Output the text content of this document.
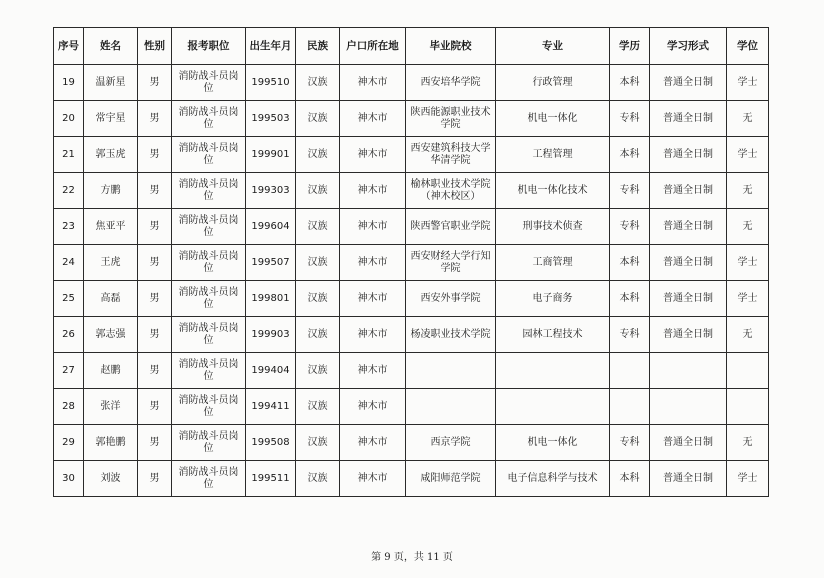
序号	姓名	性别	报考职位	出生年月	民族	户口所在地	毕业院校	专业	学历	学习形式	学位
19	温新星	男	消防战斗员岗位	199510	汉族	神木市	西安培华学院	行政管理	本科	普通全日制	学士
20	常宇星	男	消防战斗员岗位	199503	汉族	神木市	陕西能源职业技术学院	机电一体化	专科	普通全日制	无
21	郭玉虎	男	消防战斗员岗位	199901	汉族	神木市	西安建筑科技大学华清学院	工程管理	本科	普通全日制	学士
22	方鹏	男	消防战斗员岗位	199303	汉族	神木市	榆林职业技术学院（神木校区）	机电一体化技术	专科	普通全日制	无
23	焦亚平	男	消防战斗员岗位	199604	汉族	神木市	陕西警官职业学院	刑事技术侦查	专科	普通全日制	无
24	王虎	男	消防战斗员岗位	199507	汉族	神木市	西安财经大学行知学院	工商管理	本科	普通全日制	学士
25	高磊	男	消防战斗员岗位	199801	汉族	神木市	西安外事学院	电子商务	本科	普通全日制	学士
26	郭志强	男	消防战斗员岗位	199903	汉族	神木市	杨凌职业技术学院	园林工程技术	专科	普通全日制	无
27	赵鹏	男	消防战斗员岗位	199404	汉族	神木市					
28	张洋	男	消防战斗员岗位	199411	汉族	神木市					
29	郭艳鹏	男	消防战斗员岗位	199508	汉族	神木市	西京学院	机电一体化	专科	普通全日制	无
30	刘波	男	消防战斗员岗位	199511	汉族	神木市	咸阳师范学院	电子信息科学与技术	本科	普通全日制	学士
第 9 页，共 11 页
